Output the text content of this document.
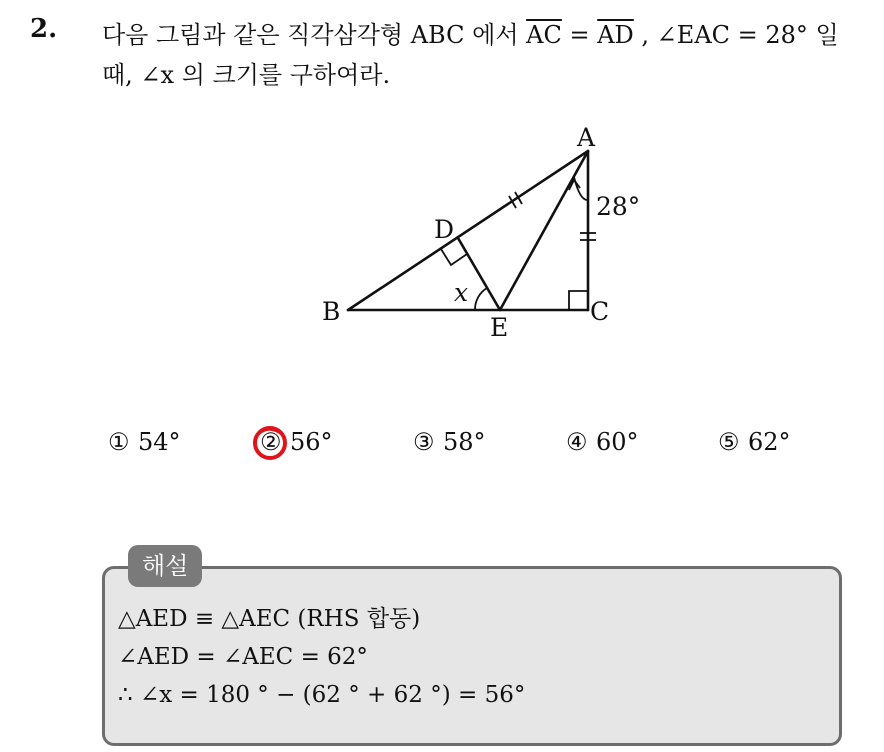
2. 다음 그림과 같은 직각삼각형 ABC 에서 $\overline{AC} = \overline{AD}$ , ∠EAC = 28° 일
때, ∠x 의 크기를 구하여라.
A
B	C
D
E
x
28°
① 54°	② 56°	③ 58°	④ 60°	⑤ 62°
해설
△AED ≡ △AEC (RHS 합동)
∠AED = ∠AEC = 62°
∴ ∠x = 180 ° − (62 ° + 62 °) = 56°
